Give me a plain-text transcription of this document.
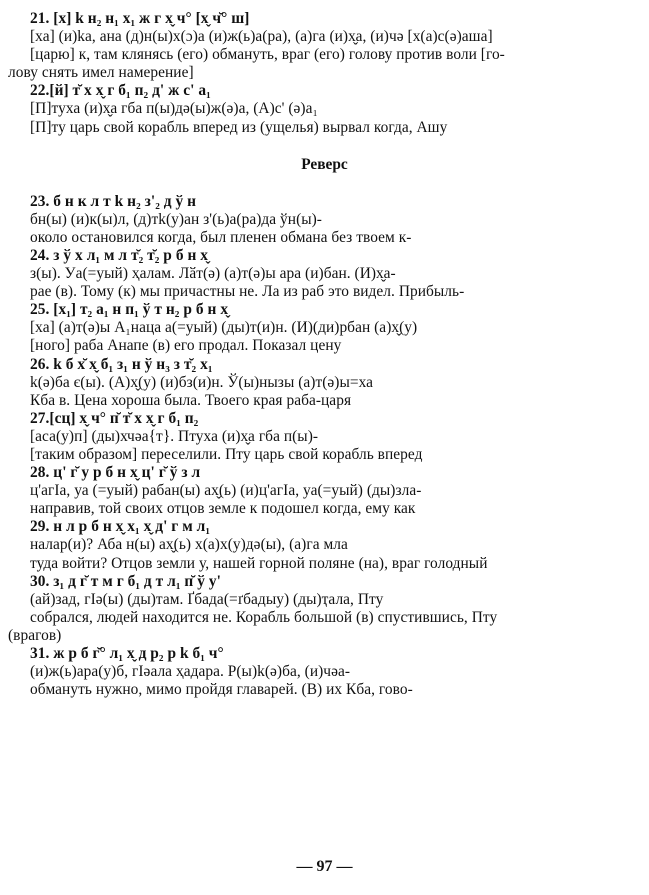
21. [х] k н₂ н₁ х₁ ж г х̬ ч° [х̬ ч̆° ш]
[ха] (и)kа, ана (д)н(ы)х(ɔ)а (и)ж(ь)а(ра), (а)га (и)х̬а, (и)чә [х(а)с(ә)аша]
[царю] к, там клянясь (его) обмануть, враг (его) голову против воли [го-
лову снять имел намерение]
22.[й] т̆ х х̬ г б₁ п₂ д' ж с' а₁
[П]туха (и)х̬а гба п(ы)дә(ы)ж(ә)а, (А)с' (ә)а₁
[П]ту царь свой корабль вперед из (ущелья) вырвал когда, Ашу
Реверс
23. б н к л т k н₂ з'₂ д ў н
бн(ы) (и)к(ы)л, (д)тk(у)ан з'(ь)а(ра)да ўн(ы)-
около остановился когда, был пленен обмана без твоем к-
24. з ў х л₁ м л т̆₂ т̆₂ р б н х̬
з(ы). Уа(=уый) ҳалам. Лӑт(ә) (а)т(ә)ы ара (и)бан. (И)х̬а-
рае (в). Тому (к) мы причастны не. Ла из раб это видел. Прибыль-
25. [х₁] т₂ а₁ н п₁ ў т н₂ р б н х̬
[ха] (а)т(ә)ы А₁наца а(=уый) (ды)т(и)н. (И)(ди)рбан (а)х̬(у)
[ного] раба Анапе (в) его продал. Показал цену
26. k б х̆ х̬ б₁ з₁ н ў н₃ з т̆₂ х₁
k(ә)ба є(ы). (А)х̬(у) (и)бз(и)н. Ў(ы)нызы (а)т(ә)ы=ха
Кба в. Цена хороша была. Твоего края раба-царя
27.[сц] х̬ ч° п̆ т̆ х х̬ г б₁ п₂
[аса(у)п] (ды)хчәа{т}. Птуха (и)х̬а гба п(ы)-
[таким образом] переселили. Пту царь свой корабль вперед
28. ц' г̆ у р б н х̬ ц' г̆ ў з л
ц'агIа, уа (=уый) рабан(ы) ах̬(ь) (и)ц'агIа, уа(=уый) (ды)зла-
направив, той своих отцов земле к подошел когда, ему как
29. н л р б н х̬ х₁ х̬ д' г м л₁
налар(и)? Аба н(ы) ах̬(ь) х(а)х(у)дә(ы), (а)га мла
туда войти? Отцов земли у, нашей горной поляне (на), враг голодный
30. з₁ д г̆ т м г б₁ д т л₁ п̆ ў у'
(ай)зад, гIә(ы) (ды)там. Ґбада(=ґбадыу) (ды)ҭала, Пту
собрался, людей находится не. Корабль большой (в) спустившись, Пту
(врагов)
31. ж р б г̆° л₁ х̬ д р₂ р k б₁ ч°
(и)ж(ь)ара(у)б, гIәала ҳадара. Р(ы)k(ә)ба, (и)чәа-
обмануть нужно, мимо пройдя главарей. (В) их Кба, гово-
— 97 —
